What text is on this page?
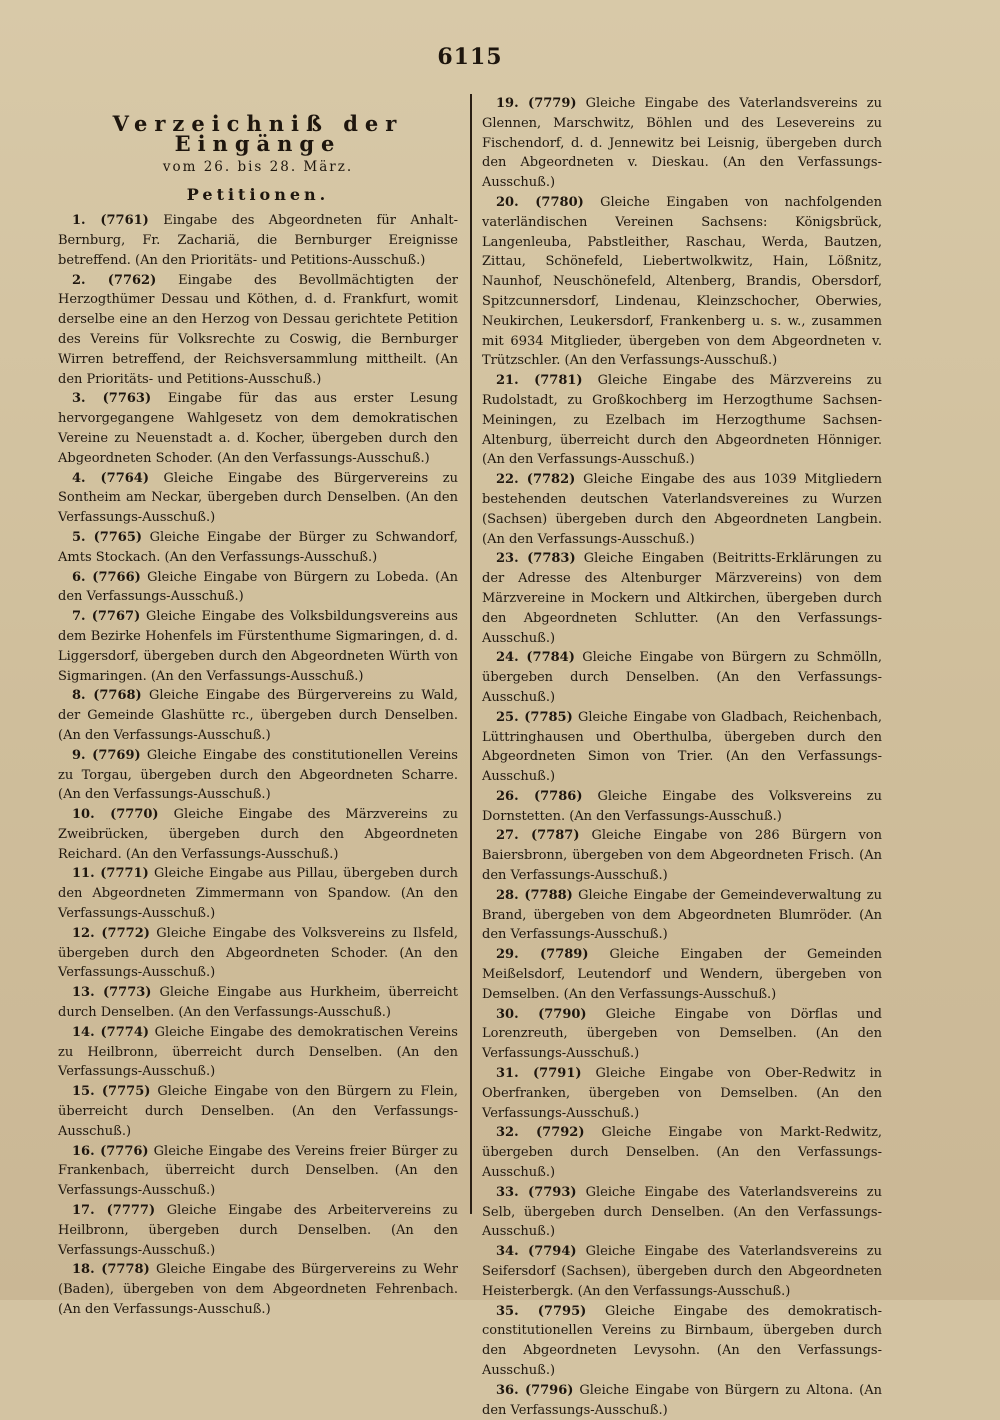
6115
Verzeichniß der Eingänge
vom 26. bis 28. März.
Petitionen.

1. (7761) Eingabe des Abgeordneten für Anhalt-Bernburg, Fr. Zachariä, die Bernburger Ereignisse betreffend. (An den Prioritäts- und Petitions-Ausschuß.)

2. (7762) Eingabe des Bevollmächtigten der Herzogthümer Dessau und Köthen, d. d. Frankfurt, womit derselbe eine an den Herzog von Dessau gerichtete Petition des Vereins für Volksrechte zu Coswig, die Bernburger Wirren betreffend, der Reichsversammlung mittheilt. (An den Prioritäts- und Petitions-Ausschuß.)

3. (7763) Eingabe für das aus erster Lesung hervorgegangene Wahlgesetz von dem demokratischen Vereine zu Neuenstadt a. d. Kocher, übergeben durch den Abgeordneten Schoder. (An den Verfassungs-Ausschuß.)

4. (7764) Gleiche Eingabe des Bürgervereins zu Sontheim am Neckar, übergeben durch Denselben. (An den Verfassungs-Ausschuß.)

5. (7765) Gleiche Eingabe der Bürger zu Schwandorf, Amts Stockach. (An den Verfassungs-Ausschuß.)

6. (7766) Gleiche Eingabe von Bürgern zu Lobeda. (An den Verfassungs-Ausschuß.)

7. (7767) Gleiche Eingabe des Volksbildungsvereins aus dem Bezirke Hohenfels im Fürstenthume Sigmaringen, d. d. Liggersdorf, übergeben durch den Abgeordneten Würth von Sigmaringen. (An den Verfassungs-Ausschuß.)

8. (7768) Gleiche Eingabe des Bürgervereins zu Wald, der Gemeinde Glashütte rc., übergeben durch Denselben. (An den Verfassungs-Ausschuß.)

9. (7769) Gleiche Eingabe des constitutionellen Vereins zu Torgau, übergeben durch den Abgeordneten Scharre. (An den Verfassungs-Ausschuß.)

10. (7770) Gleiche Eingabe des Märzvereins zu Zweibrücken, übergeben durch den Abgeordneten Reichard. (An den Verfassungs-Ausschuß.)

11. (7771) Gleiche Eingabe aus Pillau, übergeben durch den Abgeordneten Zimmermann von Spandow. (An den Verfassungs-Ausschuß.)

12. (7772) Gleiche Eingabe des Volksvereins zu Ilsfeld, übergeben durch den Abgeordneten Schoder. (An den Verfassungs-Ausschuß.)

13. (7773) Gleiche Eingabe aus Hurkheim, überreicht durch Denselben. (An den Verfassungs-Ausschuß.)

14. (7774) Gleiche Eingabe des demokratischen Vereins zu Heilbronn, überreicht durch Denselben. (An den Verfassungs-Ausschuß.)

15. (7775) Gleiche Eingabe von den Bürgern zu Flein, überreicht durch Denselben. (An den Verfassungs-Ausschuß.)

16. (7776) Gleiche Eingabe des Vereins freier Bürger zu Frankenbach, überreicht durch Denselben. (An den Verfassungs-Ausschuß.)

17. (7777) Gleiche Eingabe des Arbeitervereins zu Heilbronn, übergeben durch Denselben. (An den Verfassungs-Ausschuß.)

18. (7778) Gleiche Eingabe des Bürgervereins zu Wehr (Baden), übergeben von dem Abgeordneten Fehrenbach. (An den Verfassungs-Ausschuß.)

19. (7779) Gleiche Eingabe des Vaterlandsvereins zu Glennen, Marschwitz, Böhlen und des Lesevereins zu Fischendorf, d. d. Jennewitz bei Leisnig, übergeben durch den Abgeordneten v. Dieskau. (An den Verfassungs-Ausschuß.)

20. (7780) Gleiche Eingaben von nachfolgenden vaterländischen Vereinen Sachsens: Königsbrück, Langenleuba, Pabstleither, Raschau, Werda, Bautzen, Zittau, Schönefeld, Liebertwolkwitz, Hain, Lößnitz, Naunhof, Neuschönefeld, Altenberg, Brandis, Obersdorf, Spitzcunnersdorf, Lindenau, Kleinzschocher, Oberwies, Neukirchen, Leukersdorf, Frankenberg u. s. w., zusammen mit 6934 Mitglieder, übergeben von dem Abgeordneten v. Trützschler. (An den Verfassungs-Ausschuß.)

21. (7781) Gleiche Eingabe des Märzvereins zu Rudolstadt, zu Großkochberg im Herzogthume Sachsen-Meiningen, zu Ezelbach im Herzogthume Sachsen-Altenburg, überreicht durch den Abgeordneten Hönniger. (An den Verfassungs-Ausschuß.)

22. (7782) Gleiche Eingabe des aus 1039 Mitgliedern bestehenden deutschen Vaterlandsvereines zu Wurzen (Sachsen) übergeben durch den Abgeordneten Langbein. (An den Verfassungs-Ausschuß.)

23. (7783) Gleiche Eingaben (Beitritts-Erklärungen zu der Adresse des Altenburger Märzvereins) von dem Märzvereine in Mockern und Altkirchen, übergeben durch den Abgeordneten Schlutter. (An den Verfassungs-Ausschuß.)

24. (7784) Gleiche Eingabe von Bürgern zu Schmölln, übergeben durch Denselben. (An den Verfassungs-Ausschuß.)

25. (7785) Gleiche Eingabe von Gladbach, Reichenbach, Lüttringhausen und Oberthulba, übergeben durch den Abgeordneten Simon von Trier. (An den Verfassungs-Ausschuß.)

26. (7786) Gleiche Eingabe des Volksvereins zu Dornstetten. (An den Verfassungs-Ausschuß.)

27. (7787) Gleiche Eingabe von 286 Bürgern von Baiersbronn, übergeben von dem Abgeordneten Frisch. (An den Verfassungs-Ausschuß.)

28. (7788) Gleiche Eingabe der Gemeindeverwaltung zu Brand, übergeben von dem Abgeordneten Blumröder. (An den Verfassungs-Ausschuß.)

29. (7789) Gleiche Eingaben der Gemeinden Meißelsdorf, Leutendorf und Wendern, übergeben von Demselben. (An den Verfassungs-Ausschuß.)

30. (7790) Gleiche Eingabe von Dörflas und Lorenzreuth, übergeben von Demselben. (An den Verfassungs-Ausschuß.)

31. (7791) Gleiche Eingabe von Ober-Redwitz in Oberfranken, übergeben von Demselben. (An den Verfassungs-Ausschuß.)

32. (7792) Gleiche Eingabe von Markt-Redwitz, übergeben durch Denselben. (An den Verfassungs-Ausschuß.)

33. (7793) Gleiche Eingabe des Vaterlandsvereins zu Selb, übergeben durch Denselben. (An den Verfassungs-Ausschuß.)

34. (7794) Gleiche Eingabe des Vaterlandsvereins zu Seifersdorf (Sachsen), übergeben durch den Abgeordneten Heisterbergk. (An den Verfassungs-Ausschuß.)

35. (7795) Gleiche Eingabe des demokratisch-constitutionellen Vereins zu Birnbaum, übergeben durch den Abgeordneten Levysohn. (An den Verfassungs-Ausschuß.)

36. (7796) Gleiche Eingabe von Bürgern zu Altona. (An den Verfassungs-Ausschuß.)
